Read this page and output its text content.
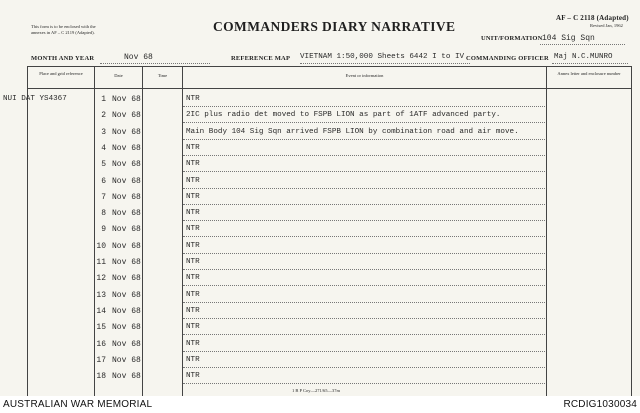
This form is to be enclosed with the annexes in AF – C 2119 (Adapted).	COMMANDERS DIARY NARRATIVE
AF – C 2118 (Adapted)
Revised Jan, 1962
UNIT/FORMATION 104 Sig Sqn
MONTH AND YEAR	Nov 68	REFERENCE MAP VIETNAM 1:50,000 Sheets 6442 I to IV COMMANDING OFFICER Maj N.C.MUNRO
Place and grid reference	Date	Time	Event or information	Annex letter and enclosure number
NUI DAT YS4367	1 Nov 68	NTR
2 Nov 68	2IC plus radio det moved to FSPB LION as part of 1ATF advanced party.
3 Nov 68	Main Body 104 Sig Sqn arrived FSPB LION by combination road and air move.
4 Nov 68	NTR
5 Nov 68	NTR
6 Nov 68	NTR
7 Nov 68	NTR
8 Nov 68	NTR
9 Nov 68	NTR
10 Nov 68	NTR
11 Nov 68	NTR
12 Nov 68	NTR
13 Nov 68	NTR
14 Nov 68	NTR
15 Nov 68	NTR
16 Nov 68	NTR
17 Nov 68	NTR
18 Nov 68	NTR
1 B P Coy—271/65—37m
AUSTRALIAN WAR MEMORIAL	RCDIG1030034
